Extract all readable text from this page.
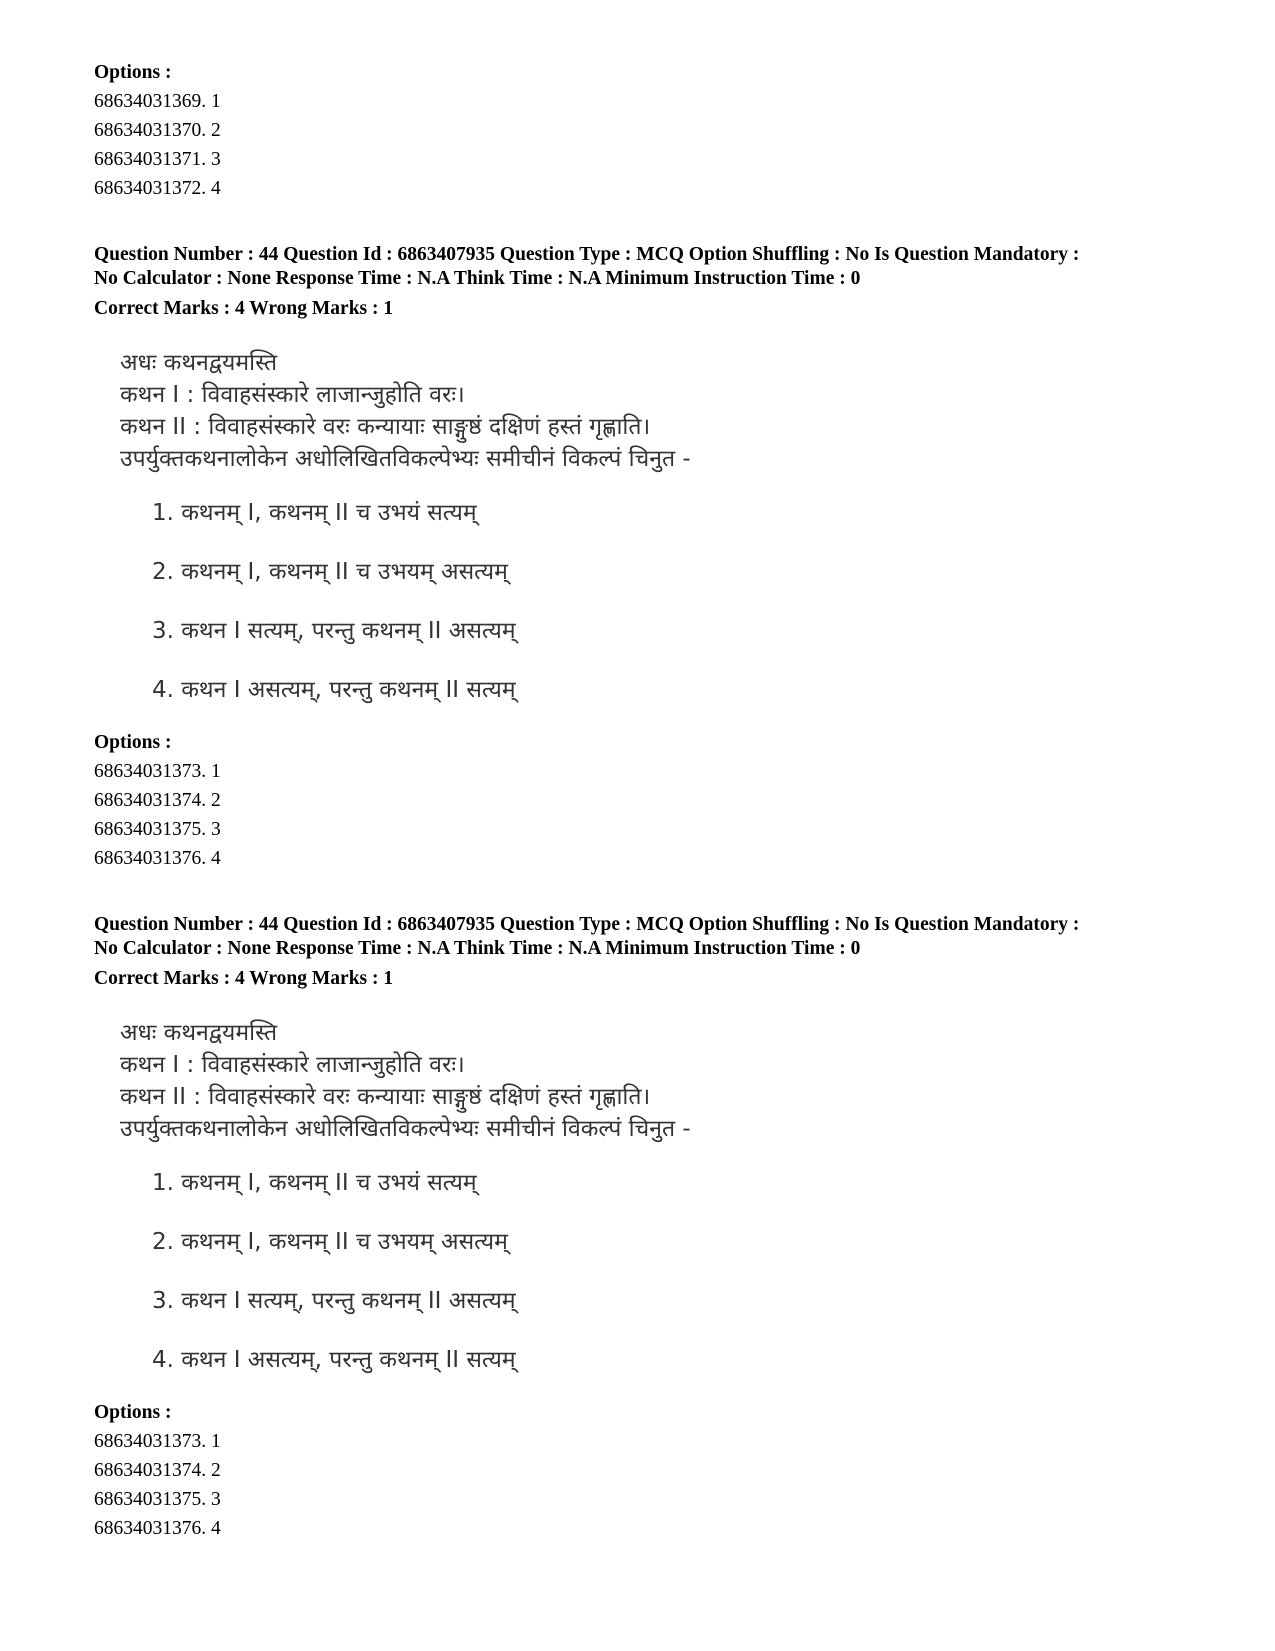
Options :
68634031369. 1
68634031370. 2
68634031371. 3
68634031372. 4
Question Number : 44 Question Id : 6863407935 Question Type : MCQ Option Shuffling : No Is Question Mandatory :
No Calculator : None Response Time : N.A Think Time : N.A Minimum Instruction Time : 0
Correct Marks : 4 Wrong Marks : 1
अधः कथनद्वयमस्ति
कथन I : विवाहसंस्कारे लाजान्जुहोति वरः।
कथन II : विवाहसंस्कारे वरः कन्यायाः साङ्गुष्ठं दक्षिणं हस्तं गृह्णाति।
उपर्युक्तकथनालोकेन अधोलिखितविकल्पेभ्यः समीचीनं विकल्पं चिनुत -
1. कथनम् I, कथनम् II च उभयं सत्यम्
2. कथनम् I, कथनम् II च उभयम् असत्यम्
3. कथन I सत्यम्, परन्तु कथनम् II असत्यम्
4. कथन I असत्यम्, परन्तु कथनम् II सत्यम्
Options :
68634031373. 1
68634031374. 2
68634031375. 3
68634031376. 4
Question Number : 44 Question Id : 6863407935 Question Type : MCQ Option Shuffling : No Is Question Mandatory :
No Calculator : None Response Time : N.A Think Time : N.A Minimum Instruction Time : 0
Correct Marks : 4 Wrong Marks : 1
अधः कथनद्वयमस्ति
कथन I : विवाहसंस्कारे लाजान्जुहोति वरः।
कथन II : विवाहसंस्कारे वरः कन्यायाः साङ्गुष्ठं दक्षिणं हस्तं गृह्णाति।
उपर्युक्तकथनालोकेन अधोलिखितविकल्पेभ्यः समीचीनं विकल्पं चिनुत -
1. कथनम् I, कथनम् II च उभयं सत्यम्
2. कथनम् I, कथनम् II च उभयम् असत्यम्
3. कथन I सत्यम्, परन्तु कथनम् II असत्यम्
4. कथन I असत्यम्, परन्तु कथनम् II सत्यम्
Options :
68634031373. 1
68634031374. 2
68634031375. 3
68634031376. 4
